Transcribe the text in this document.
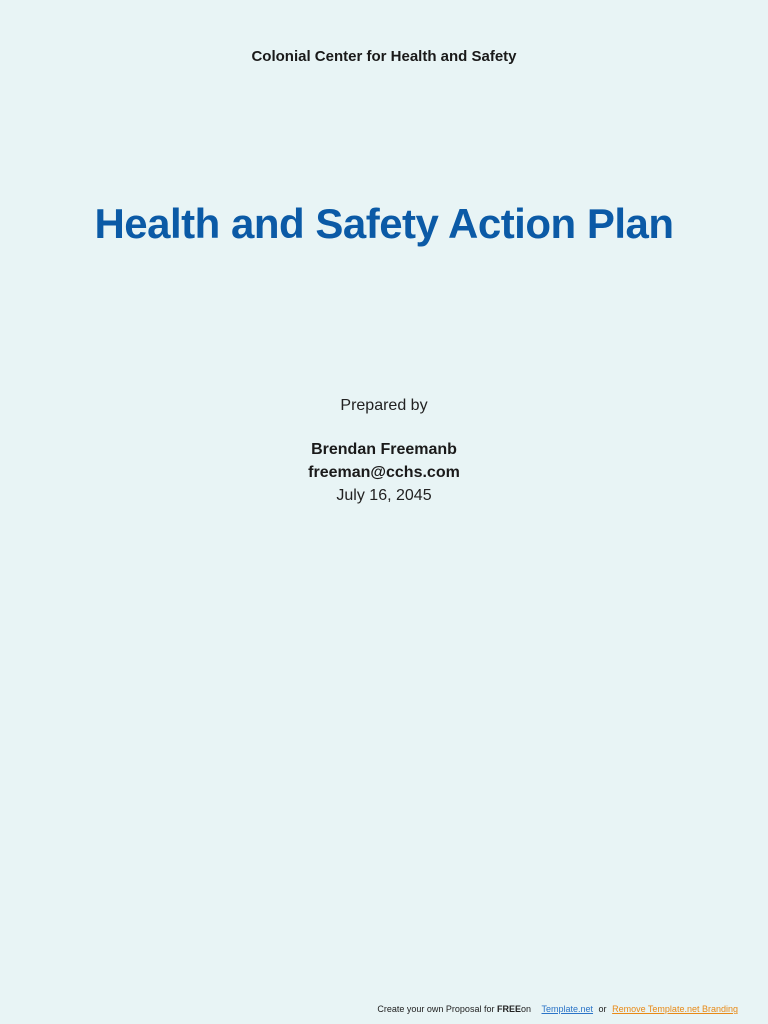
Colonial Center for Health and Safety
Health and Safety Action Plan

Prepared by

Brendan Freemanb

freeman@cchs.com

July 16, 2045

Create your own Proposal for FREEon Template.net or Remove Template.net Branding
